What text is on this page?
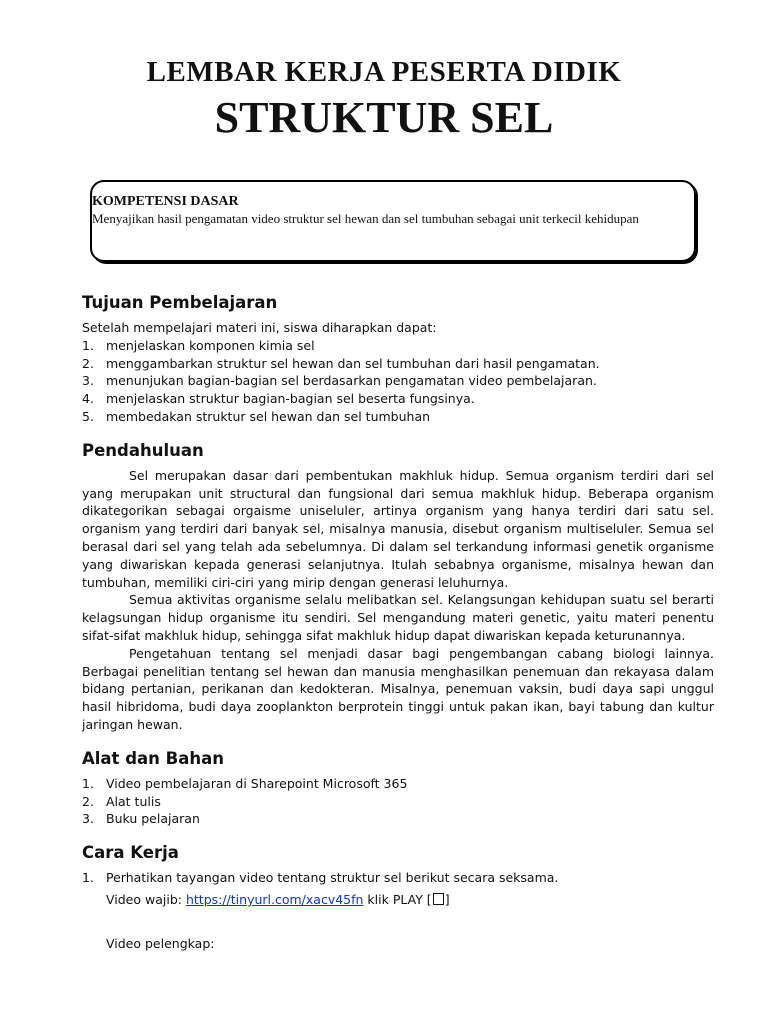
LEMBAR KERJA PESERTA DIDIK
STRUKTUR SEL
KOMPETENSI DASAR
Menyajikan hasil pengamatan video struktur sel hewan dan sel tumbuhan sebagai unit terkecil kehidupan
Tujuan Pembelajaran
Setelah mempelajari materi ini, siswa diharapkan dapat:
1. menjelaskan komponen kimia sel
2. menggambarkan struktur sel hewan dan sel tumbuhan dari hasil pengamatan.
3. menunjukan bagian-bagian sel berdasarkan pengamatan video pembelajaran.
4. menjelaskan struktur bagian-bagian sel beserta fungsinya.
5. membedakan struktur sel hewan dan sel tumbuhan
Pendahuluan

Sel merupakan dasar dari pembentukan makhluk hidup. Semua organism terdiri dari sel yang merupakan unit structural dan fungsional dari semua makhluk hidup. Beberapa organism dikategorikan sebagai orgaisme uniseluler, artinya organism yang hanya terdiri dari satu sel. organism yang terdiri dari banyak sel, misalnya manusia, disebut organism multiseluler. Semua sel berasal dari sel yang telah ada sebelumnya. Di dalam sel terkandung informasi genetik organisme yang diwariskan kepada generasi selanjutnya. Itulah sebabnya organisme, misalnya hewan dan tumbuhan, memiliki ciri-ciri yang mirip dengan generasi leluhurnya.

Semua aktivitas organisme selalu melibatkan sel. Kelangsungan kehidupan suatu sel berarti kelagsungan hidup organisme itu sendiri. Sel mengandung materi genetic, yaitu materi penentu sifat-sifat makhluk hidup, sehingga sifat makhluk hidup dapat diwariskan kepada keturunannya.

Pengetahuan tentang sel menjadi dasar bagi pengembangan cabang biologi lainnya. Berbagai penelitian tentang sel hewan dan manusia menghasilkan penemuan dan rekayasa dalam bidang pertanian, perikanan dan kedokteran. Misalnya, penemuan vaksin, budi daya sapi unggul hasil hibridoma, budi daya zooplankton berprotein tinggi untuk pakan ikan, bayi tabung dan kultur jaringan hewan.

Alat dan Bahan
1. Video pembelajaran di Sharepoint Microsoft 365
2. Alat tulis
3. Buku pelajaran
Cara Kerja
1. Perhatikan tayangan video tentang struktur sel berikut secara seksama.
Video wajib: https://tinyurl.com/xacv45fn klik PLAY [ ]
Video pelengkap:
